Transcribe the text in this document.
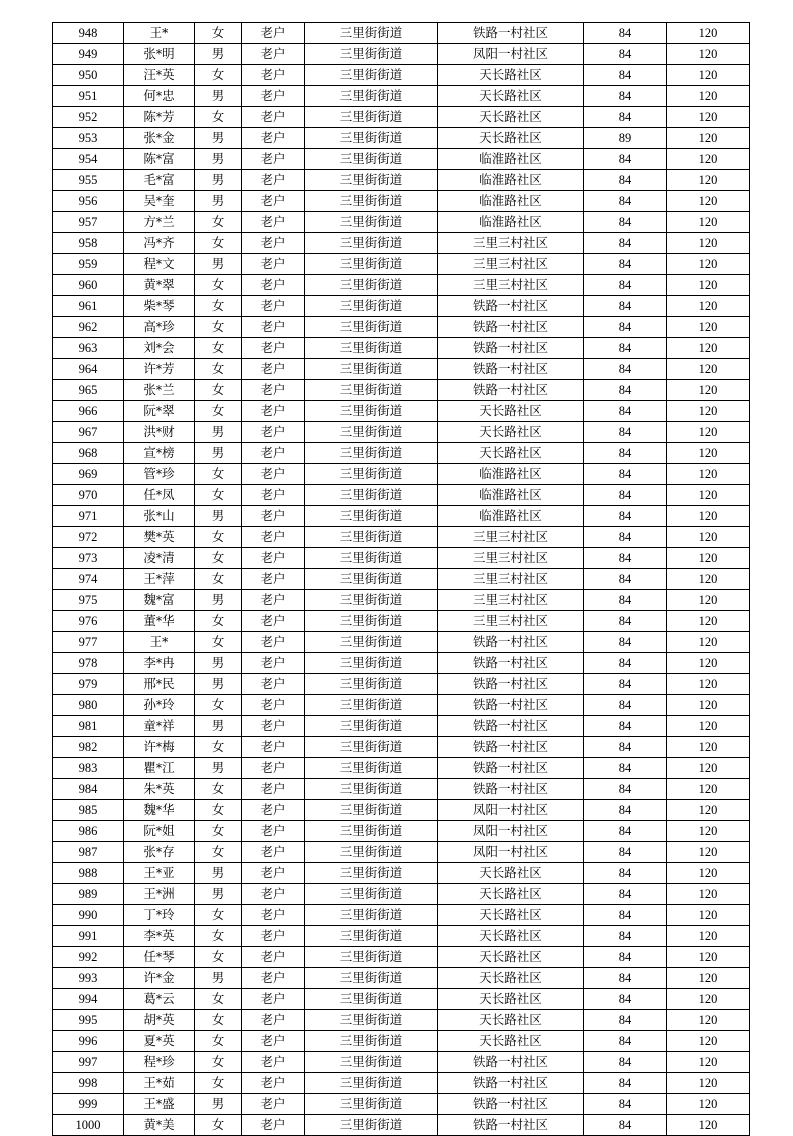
948	王*	女	老户	三里街街道	铁路一村社区	84	120
949	张*明	男	老户	三里街街道	凤阳一村社区	84	120
950	汪*英	女	老户	三里街街道	天长路社区	84	120
951	何*忠	男	老户	三里街街道	天长路社区	84	120
952	陈*芳	女	老户	三里街街道	天长路社区	84	120
953	张*金	男	老户	三里街街道	天长路社区	89	120
954	陈*富	男	老户	三里街街道	临淮路社区	84	120
955	毛*富	男	老户	三里街街道	临淮路社区	84	120
956	吴*奎	男	老户	三里街街道	临淮路社区	84	120
957	方*兰	女	老户	三里街街道	临淮路社区	84	120
958	冯*齐	女	老户	三里街街道	三里三村社区	84	120
959	程*文	男	老户	三里街街道	三里三村社区	84	120
960	黄*翠	女	老户	三里街街道	三里三村社区	84	120
961	柴*琴	女	老户	三里街街道	铁路一村社区	84	120
962	高*珍	女	老户	三里街街道	铁路一村社区	84	120
963	刘*会	女	老户	三里街街道	铁路一村社区	84	120
964	许*芳	女	老户	三里街街道	铁路一村社区	84	120
965	张*兰	女	老户	三里街街道	铁路一村社区	84	120
966	阮*翠	女	老户	三里街街道	天长路社区	84	120
967	洪*财	男	老户	三里街街道	天长路社区	84	120
968	宣*榜	男	老户	三里街街道	天长路社区	84	120
969	管*珍	女	老户	三里街街道	临淮路社区	84	120
970	任*凤	女	老户	三里街街道	临淮路社区	84	120
971	张*山	男	老户	三里街街道	临淮路社区	84	120
972	樊*英	女	老户	三里街街道	三里三村社区	84	120
973	凌*清	女	老户	三里街街道	三里三村社区	84	120
974	王*萍	女	老户	三里街街道	三里三村社区	84	120
975	魏*富	男	老户	三里街街道	三里三村社区	84	120
976	董*华	女	老户	三里街街道	三里三村社区	84	120
977	王*	女	老户	三里街街道	铁路一村社区	84	120
978	李*冉	男	老户	三里街街道	铁路一村社区	84	120
979	邢*民	男	老户	三里街街道	铁路一村社区	84	120
980	孙*玲	女	老户	三里街街道	铁路一村社区	84	120
981	童*祥	男	老户	三里街街道	铁路一村社区	84	120
982	许*梅	女	老户	三里街街道	铁路一村社区	84	120
983	瞿*江	男	老户	三里街街道	铁路一村社区	84	120
984	朱*英	女	老户	三里街街道	铁路一村社区	84	120
985	魏*华	女	老户	三里街街道	凤阳一村社区	84	120
986	阮*姐	女	老户	三里街街道	凤阳一村社区	84	120
987	张*存	女	老户	三里街街道	凤阳一村社区	84	120
988	王*亚	男	老户	三里街街道	天长路社区	84	120
989	王*洲	男	老户	三里街街道	天长路社区	84	120
990	丁*玲	女	老户	三里街街道	天长路社区	84	120
991	李*英	女	老户	三里街街道	天长路社区	84	120
992	任*琴	女	老户	三里街街道	天长路社区	84	120
993	许*金	男	老户	三里街街道	天长路社区	84	120
994	葛*云	女	老户	三里街街道	天长路社区	84	120
995	胡*英	女	老户	三里街街道	天长路社区	84	120
996	夏*英	女	老户	三里街街道	天长路社区	84	120
997	程*珍	女	老户	三里街街道	铁路一村社区	84	120
998	王*茹	女	老户	三里街街道	铁路一村社区	84	120
999	王*盛	男	老户	三里街街道	铁路一村社区	84	120
1000	黄*美	女	老户	三里街街道	铁路一村社区	84	120
